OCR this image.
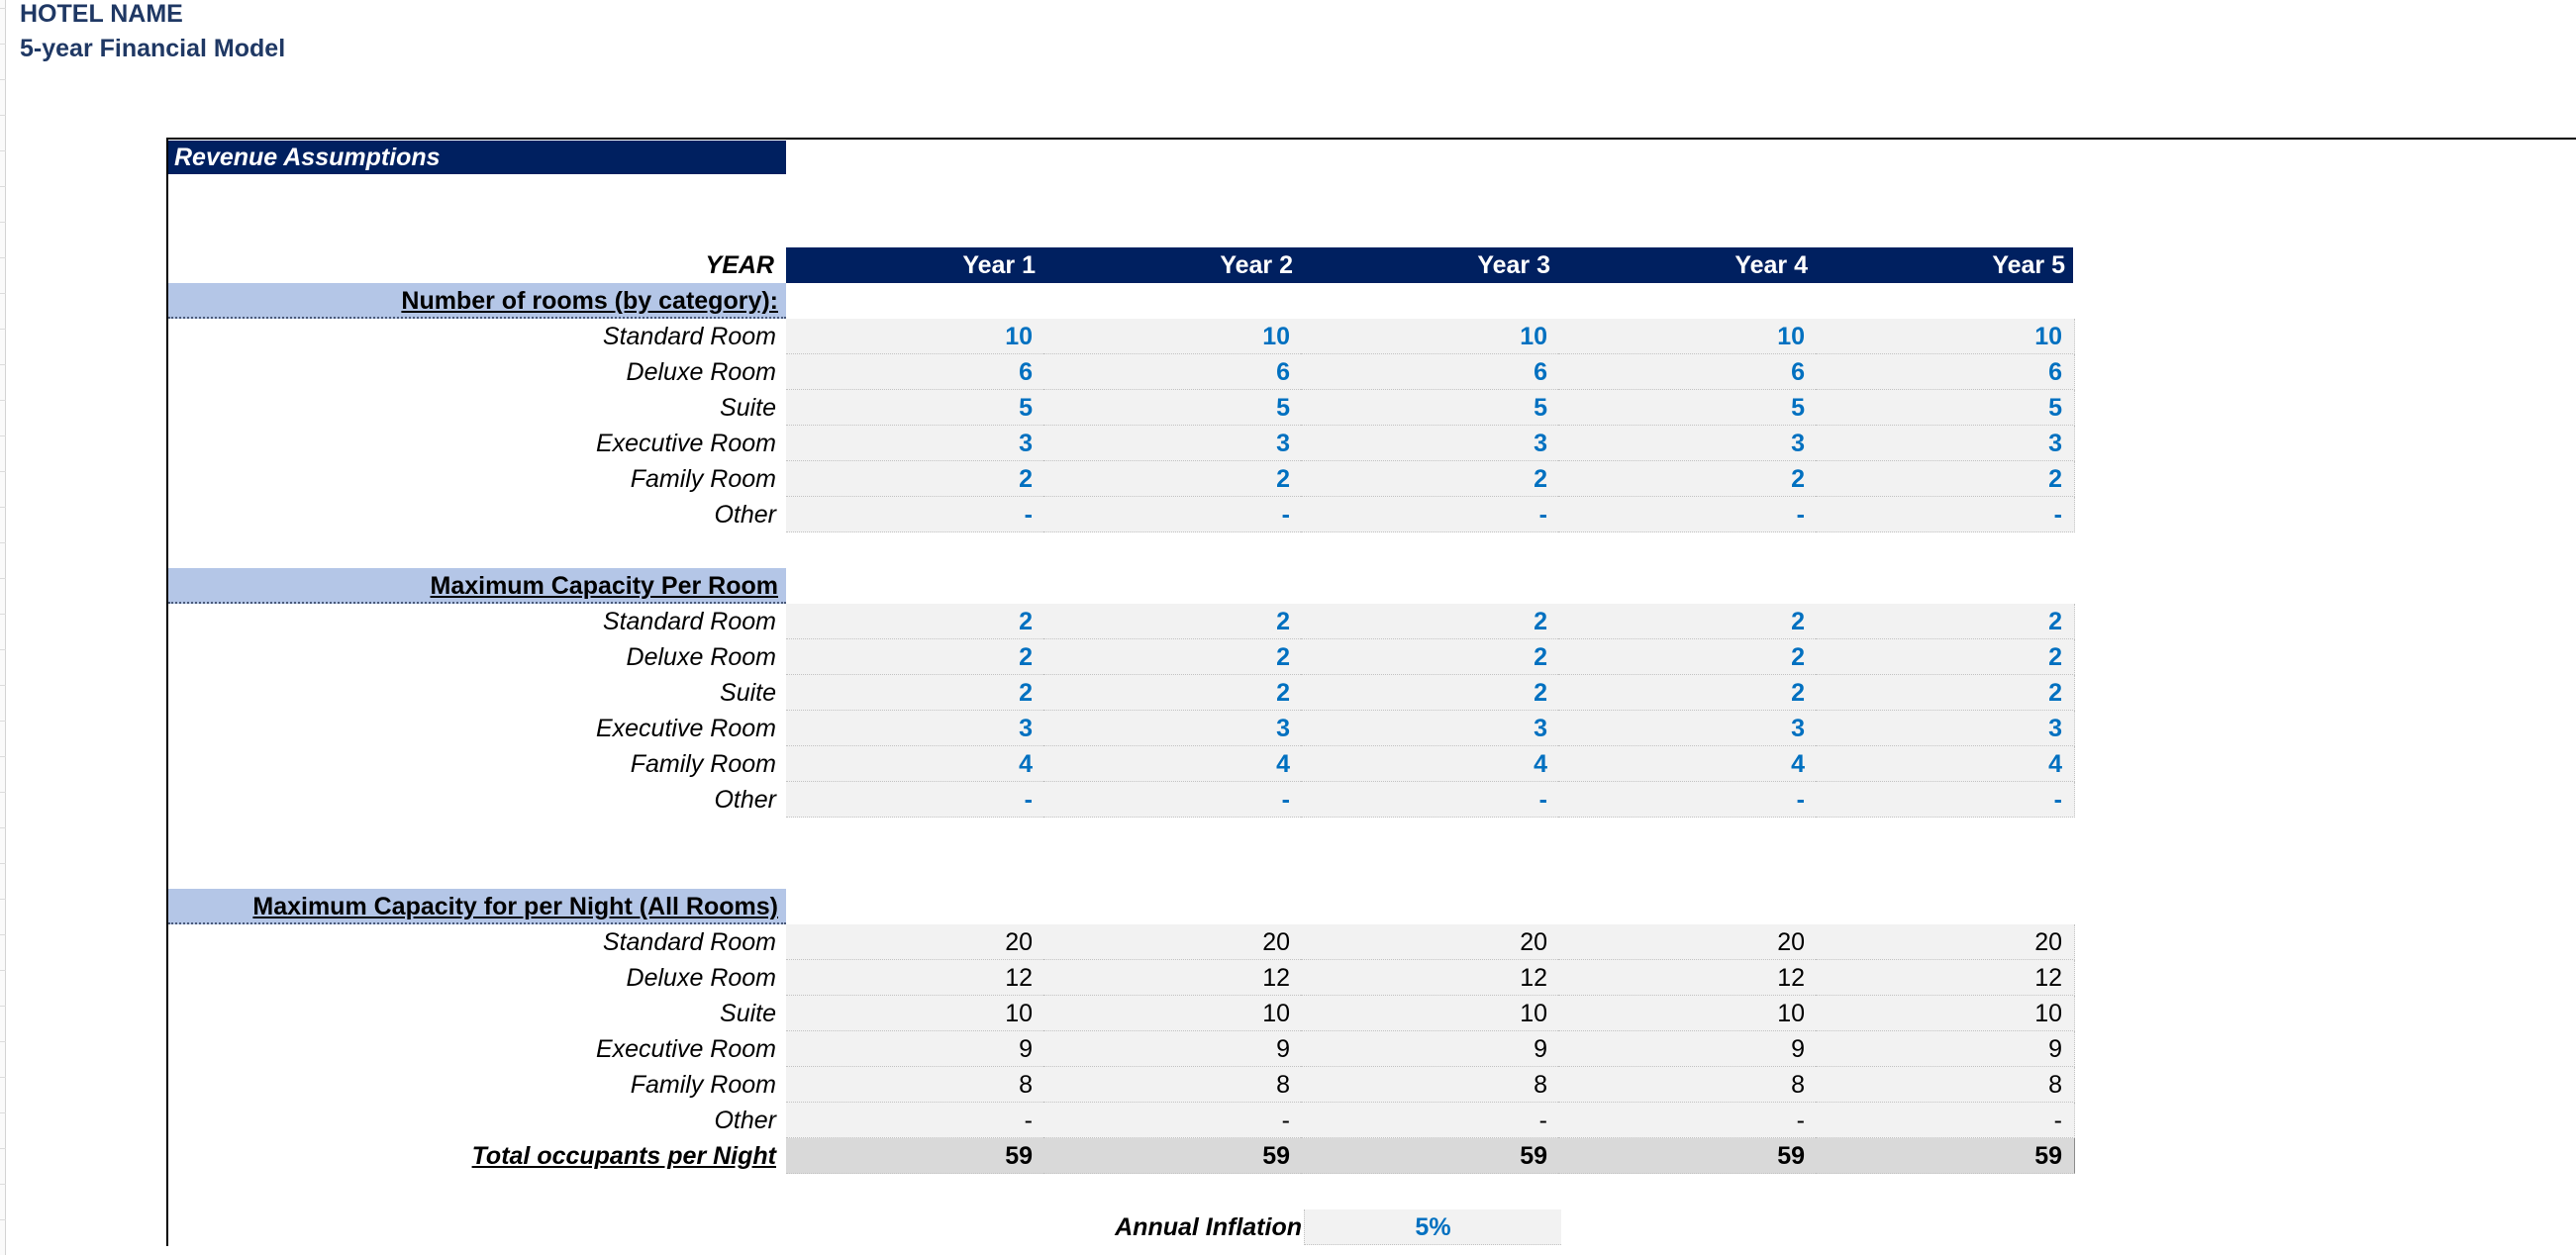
HOTEL NAME
5-year Financial Model
Revenue Assumptions
YEAR	Year 1	Year 2	Year 3	Year 4	Year 5
Number of rooms (by category):
Standard Room	10	10	10	10	10
Deluxe Room	6	6	6	6	6
Suite	5	5	5	5	5
Executive Room	3	3	3	3	3
Family Room	2	2	2	2	2
Other	-	-	-	-	-
Maximum Capacity Per Room
Standard Room	2	2	2	2	2
Deluxe Room	2	2	2	2	2
Suite	2	2	2	2	2
Executive Room	3	3	3	3	3
Family Room	4	4	4	4	4
Other	-	-	-	-	-
Maximum Capacity for per Night (All Rooms)
Standard Room	20	20	20	20	20
Deluxe Room	12	12	12	12	12
Suite	10	10	10	10	10
Executive Room	9	9	9	9	9
Family Room	8	8	8	8	8
Other	-	-	-	-	-
Total occupants per Night	59	59	59	59	59
Annual Inflation	5%
